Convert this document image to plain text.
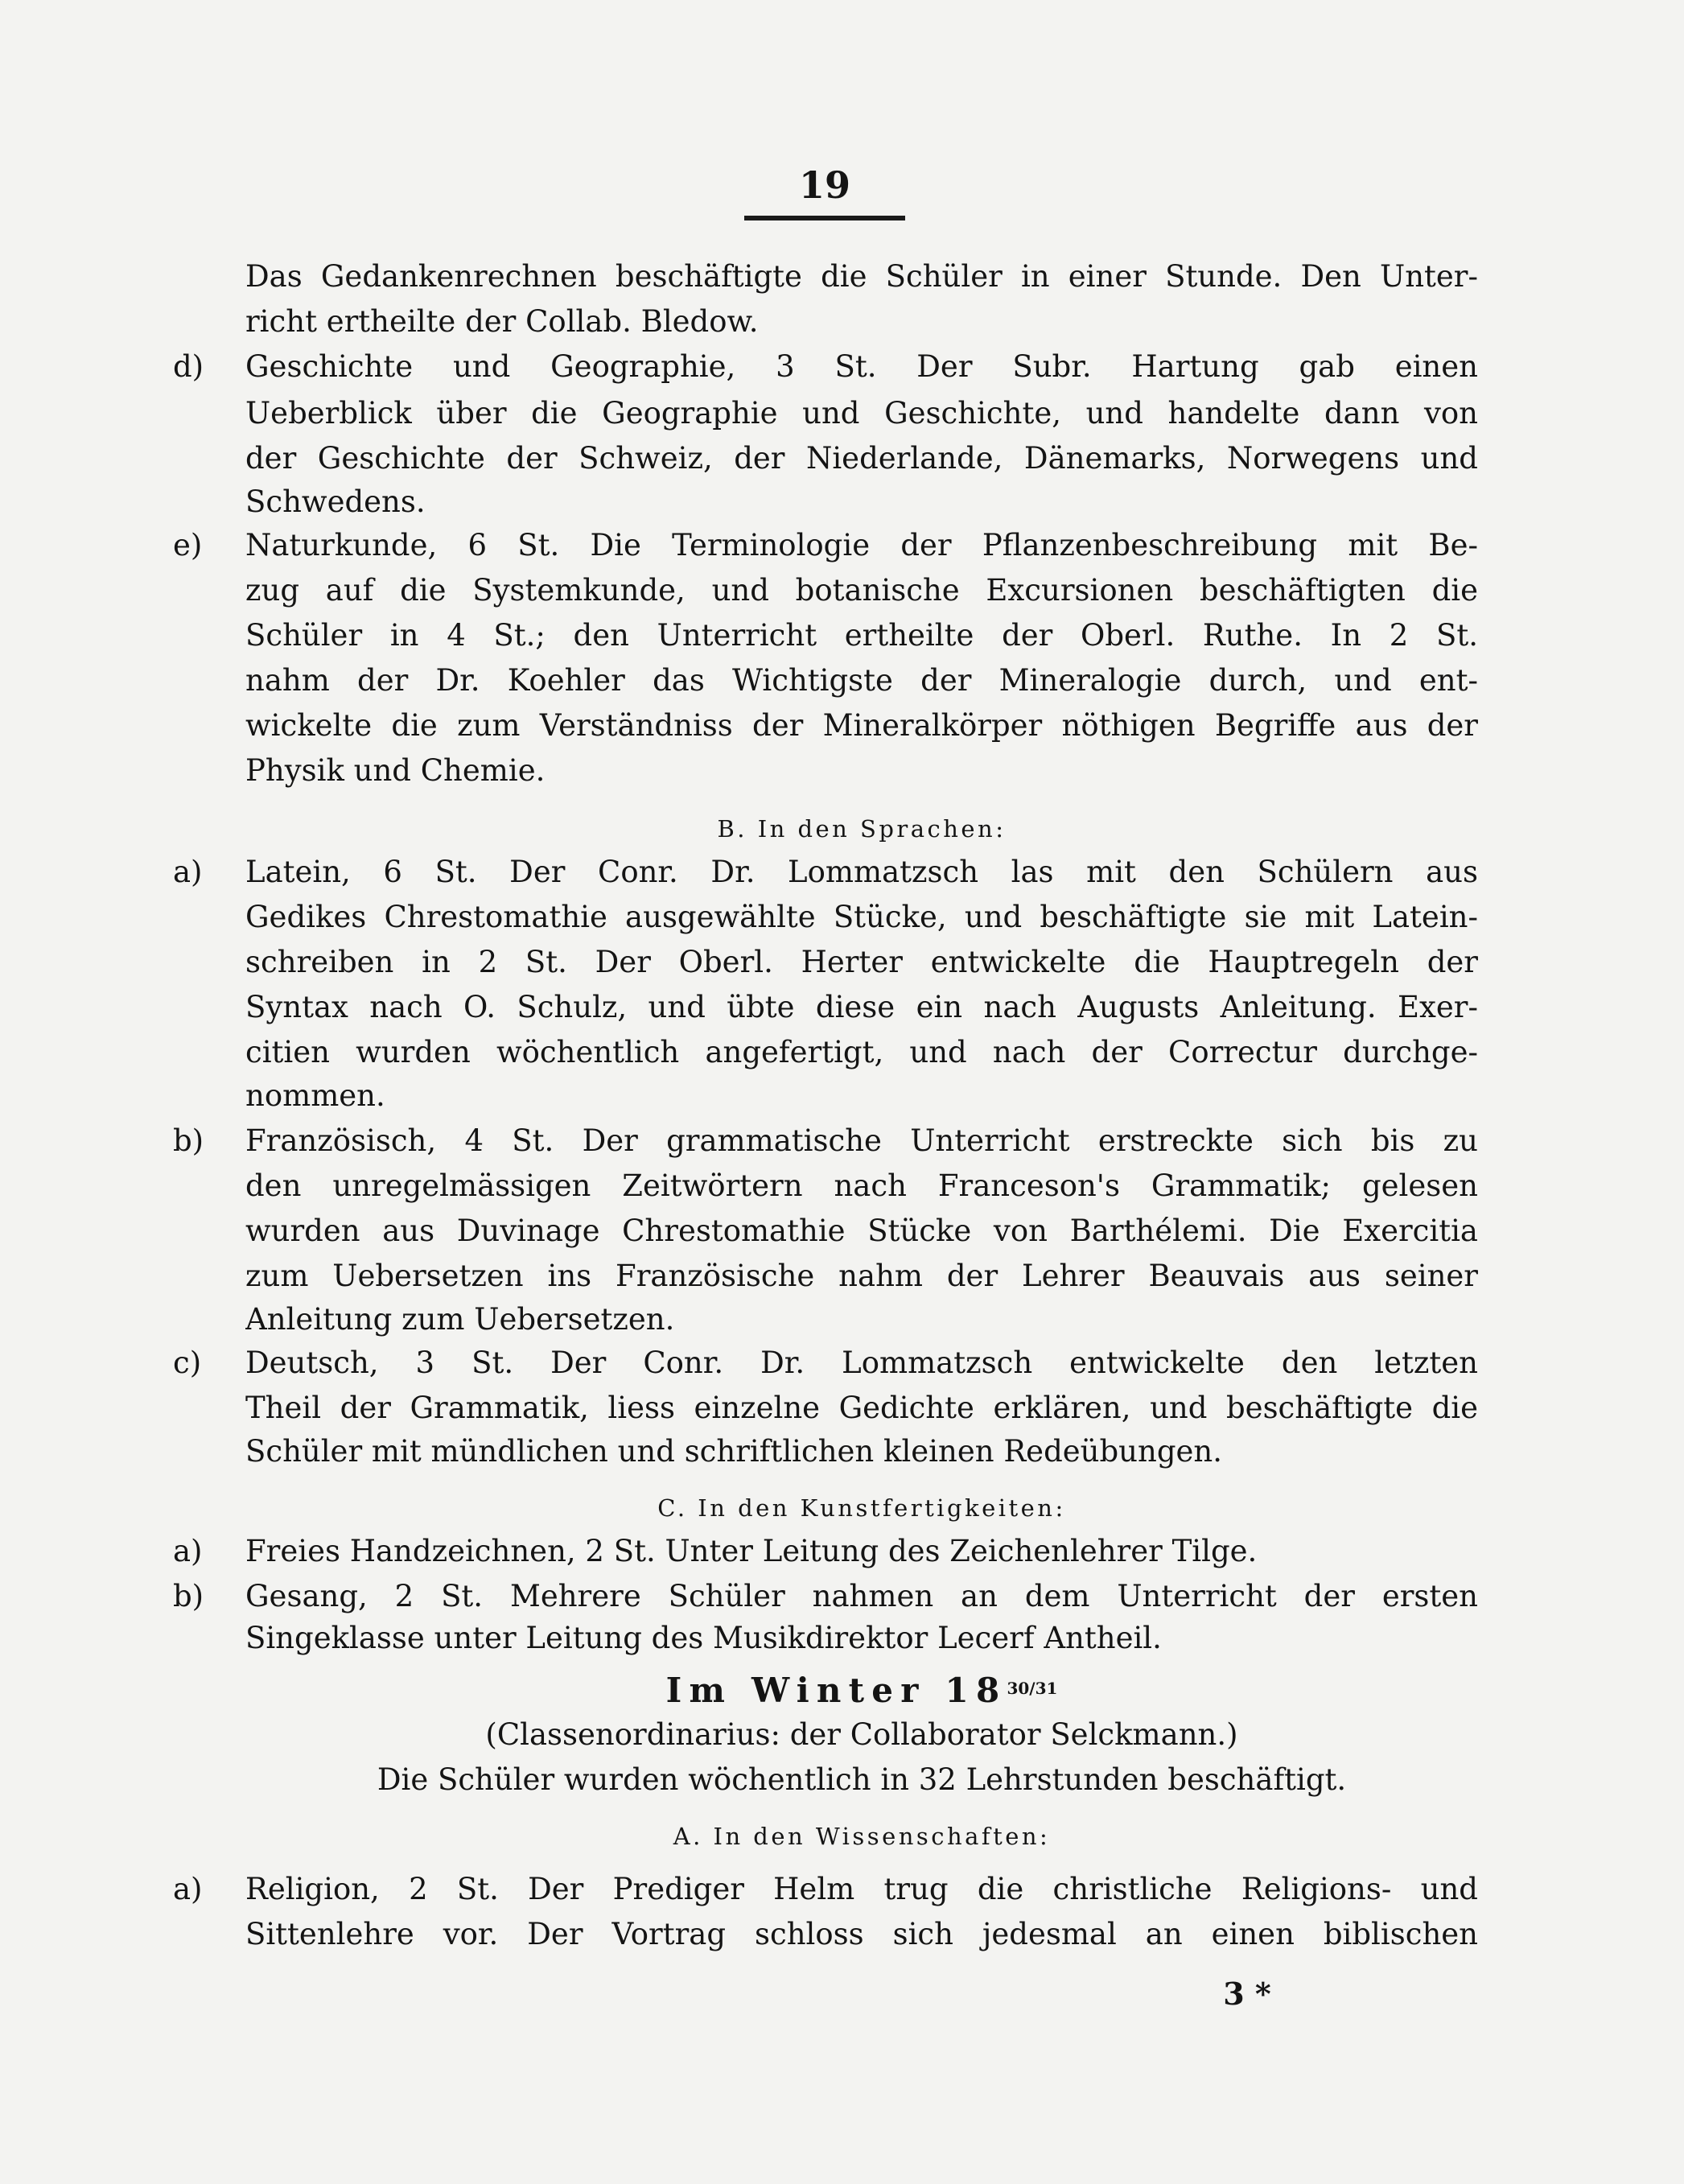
19
Das Gedankenrechnen beschäftigte die Schüler in einer Stunde. Den Unter-
richt ertheilte der Collab. Bledow.
d) Geschichte und Geographie, 3 St. Der Subr. Hartung gab einen
Ueberblick über die Geographie und Geschichte, und handelte dann von
der Geschichte der Schweiz, der Niederlande, Dänemarks, Norwegens und
Schwedens.
e) Naturkunde, 6 St. Die Terminologie der Pflanzenbeschreibung mit Be-
zug auf die Systemkunde, und botanische Excursionen beschäftigten die
Schüler in 4 St.; den Unterricht ertheilte der Oberl. Ruthe. In 2 St.
nahm der Dr. Koehler das Wichtigste der Mineralogie durch, und ent-
wickelte die zum Verständniss der Mineralkörper nöthigen Begriffe aus der
Physik und Chemie.
B. In den Sprachen:
a) Latein, 6 St. Der Conr. Dr. Lommatzsch las mit den Schülern aus
Gedikes Chrestomathie ausgewählte Stücke, und beschäftigte sie mit Latein-
schreiben in 2 St. Der Oberl. Herter entwickelte die Hauptregeln der
Syntax nach O. Schulz, und übte diese ein nach Augusts Anleitung. Exer-
citien wurden wöchentlich angefertigt, und nach der Correctur durchge-
nommen.
b) Französisch, 4 St. Der grammatische Unterricht erstreckte sich bis zu
den unregelmässigen Zeitwörtern nach Franceson's Grammatik; gelesen
wurden aus Duvinage Chrestomathie Stücke von Barthélemi. Die Exercitia
zum Uebersetzen ins Französische nahm der Lehrer Beauvais aus seiner
Anleitung zum Uebersetzen.
c) Deutsch, 3 St. Der Conr. Dr. Lommatzsch entwickelte den letzten
Theil der Grammatik, liess einzelne Gedichte erklären, und beschäftigte die
Schüler mit mündlichen und schriftlichen kleinen Redeübungen.
C. In den Kunstfertigkeiten:
a) Freies Handzeichnen, 2 St. Unter Leitung des Zeichenlehrer Tilge.
b) Gesang, 2 St. Mehrere Schüler nahmen an dem Unterricht der ersten
Singeklasse unter Leitung des Musikdirektor Lecerf Antheil.
Im Winter $18^{30/31}$
(Classenordinarius: der Collaborator Selckmann.)
Die Schüler wurden wöchentlich in 32 Lehrstunden beschäftigt.
A. In den Wissenschaften:
a) Religion, 2 St. Der Prediger Helm trug die christliche Religions- und
Sittenlehre vor. Der Vortrag schloss sich jedesmal an einen biblischen
3 *
